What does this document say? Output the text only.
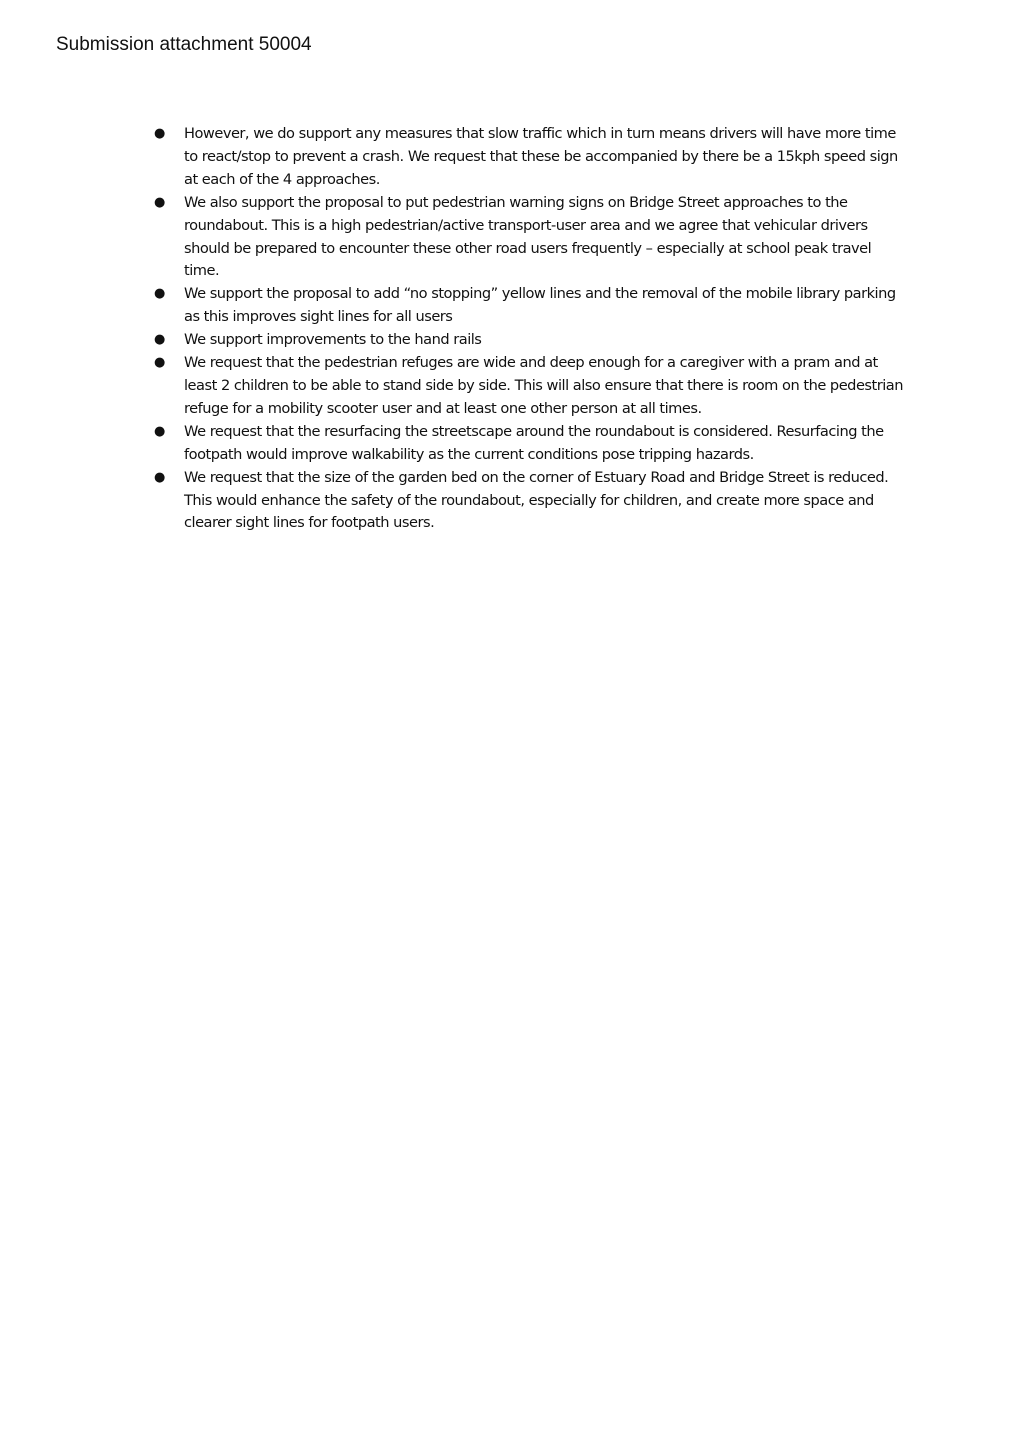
Submission attachment 50004
● However, we do support any measures that slow traffic which in turn means drivers will have more time to react/stop to prevent a crash. We request that these be accompanied by there be a 15kph speed sign at each of the 4 approaches.
● We also support the proposal to put pedestrian warning signs on Bridge Street approaches to the roundabout. This is a high pedestrian/active transport-user area and we agree that vehicular drivers should be prepared to encounter these other road users frequently – especially at school peak travel time.
● We support the proposal to add “no stopping” yellow lines and the removal of the mobile library parking as this improves sight lines for all users
● We support improvements to the hand rails
● We request that the pedestrian refuges are wide and deep enough for a caregiver with a pram and at least 2 children to be able to stand side by side. This will also ensure that there is room on the pedestrian refuge for a mobility scooter user and at least one other person at all times.
● We request that the resurfacing the streetscape around the roundabout is considered. Resurfacing the footpath would improve walkability as the current conditions pose tripping hazards.
● We request that the size of the garden bed on the corner of Estuary Road and Bridge Street is reduced. This would enhance the safety of the roundabout, especially for children, and create more space and clearer sight lines for footpath users.
